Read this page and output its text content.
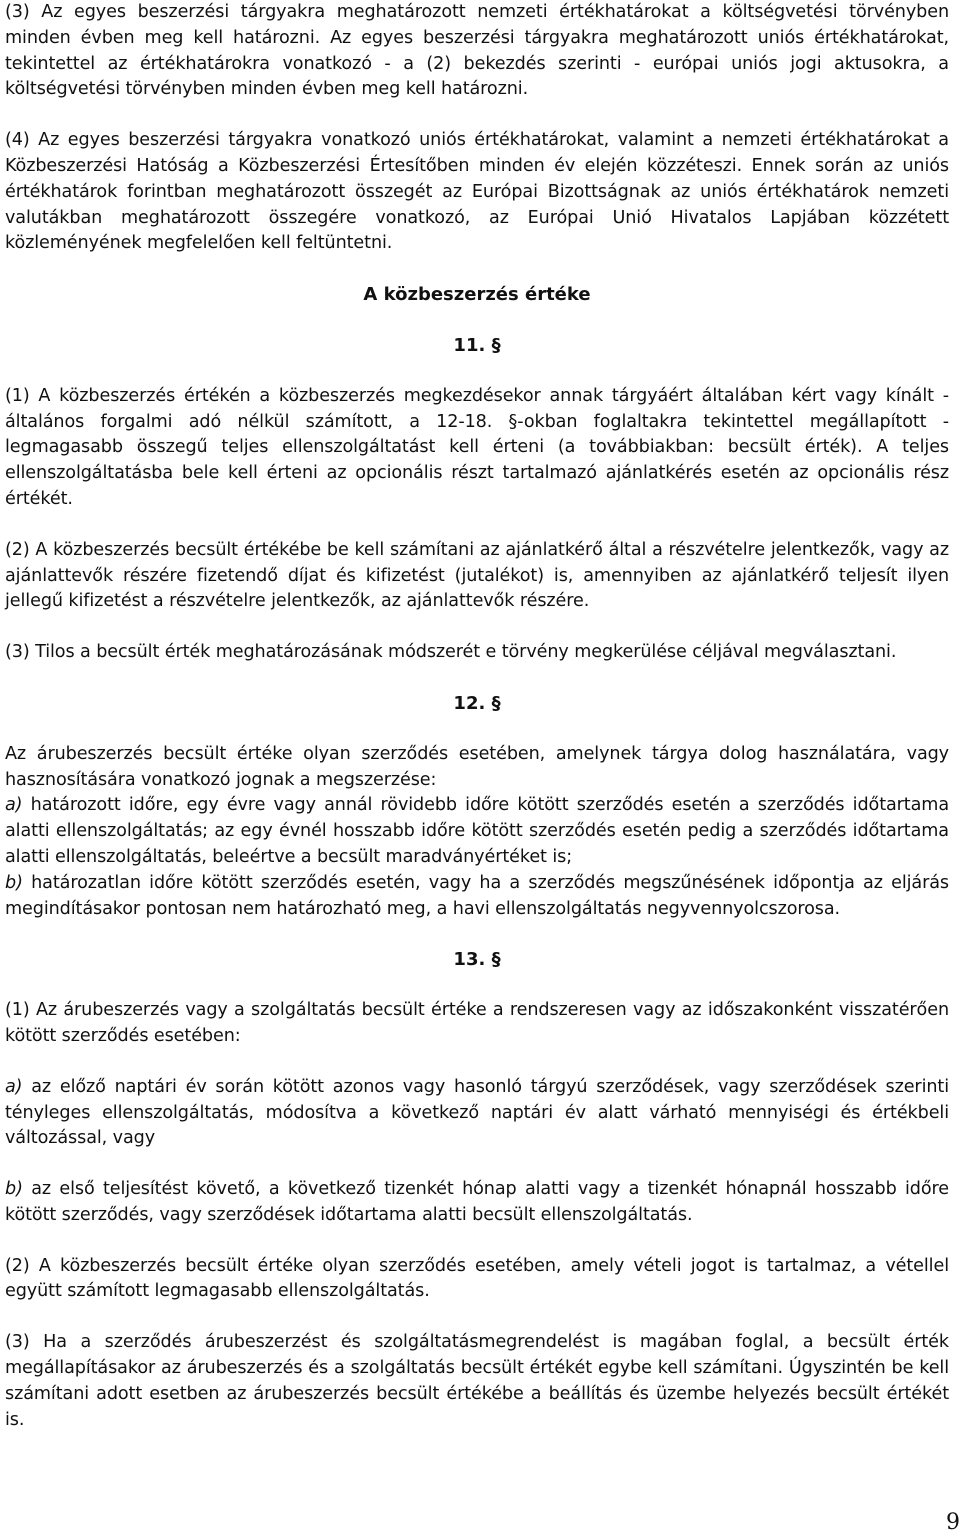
(3) Az egyes beszerzési tárgyakra meghatározott nemzeti értékhatárokat a költségvetési törvényben minden évben meg kell határozni. Az egyes beszerzési tárgyakra meghatározott uniós értékhatárokat, tekintettel az értékhatárokra vonatkozó - a (2) bekezdés szerinti - európai uniós jogi aktusokra, a költségvetési törvényben minden évben meg kell határozni.

(4) Az egyes beszerzési tárgyakra vonatkozó uniós értékhatárokat, valamint a nemzeti értékhatárokat a Közbeszerzési Hatóság a Közbeszerzési Értesítőben minden év elején közzéteszi. Ennek során az uniós értékhatárok forintban meghatározott összegét az Európai Bizottságnak az uniós értékhatárok nemzeti valutákban meghatározott összegére vonatkozó, az Európai Unió Hivatalos Lapjában közzétett közleményének megfelelően kell feltüntetni.

A közbeszerzés értéke
11. §

(1) A közbeszerzés értékén a közbeszerzés megkezdésekor annak tárgyáért általában kért vagy kínált - általános forgalmi adó nélkül számított, a 12-18. §-okban foglaltakra tekintettel megállapított - legmagasabb összegű teljes ellenszolgáltatást kell érteni (a továbbiakban: becsült érték). A teljes ellenszolgáltatásba bele kell érteni az opcionális részt tartalmazó ajánlatkérés esetén az opcionális rész értékét.

(2) A közbeszerzés becsült értékébe be kell számítani az ajánlatkérő által a részvételre jelentkezők, vagy az ajánlattevők részére fizetendő díjat és kifizetést (jutalékot) is, amennyiben az ajánlatkérő teljesít ilyen jellegű kifizetést a részvételre jelentkezők, az ajánlattevők részére.

(3) Tilos a becsült érték meghatározásának módszerét e törvény megkerülése céljával megválasztani.

12. §

Az árubeszerzés becsült értéke olyan szerződés esetében, amelynek tárgya dolog használatára, vagy hasznosítására vonatkozó jognak a megszerzése:

a) határozott időre, egy évre vagy annál rövidebb időre kötött szerződés esetén a szerződés időtartama alatti ellenszolgáltatás; az egy évnél hosszabb időre kötött szerződés esetén pedig a szerződés időtartama alatti ellenszolgáltatás, beleértve a becsült maradványértéket is;

b) határozatlan időre kötött szerződés esetén, vagy ha a szerződés megszűnésének időpontja az eljárás megindításakor pontosan nem határozható meg, a havi ellenszolgáltatás negyvennyolcszorosa.

13. §

(1) Az árubeszerzés vagy a szolgáltatás becsült értéke a rendszeresen vagy az időszakonként visszatérően kötött szerződés esetében:

a) az előző naptári év során kötött azonos vagy hasonló tárgyú szerződések, vagy szerződések szerinti tényleges ellenszolgáltatás, módosítva a következő naptári év alatt várható mennyiségi és értékbeli változással, vagy

b) az első teljesítést követő, a következő tizenkét hónap alatti vagy a tizenkét hónapnál hosszabb időre kötött szerződés, vagy szerződések időtartama alatti becsült ellenszolgáltatás.

(2) A közbeszerzés becsült értéke olyan szerződés esetében, amely vételi jogot is tartalmaz, a vétellel együtt számított legmagasabb ellenszolgáltatás.

(3) Ha a szerződés árubeszerzést és szolgáltatásmegrendelést is magában foglal, a becsült érték megállapításakor az árubeszerzés és a szolgáltatás becsült értékét egybe kell számítani. Úgyszintén be kell számítani adott esetben az árubeszerzés becsült értékébe a beállítás és üzembe helyezés becsült értékét is.

9
